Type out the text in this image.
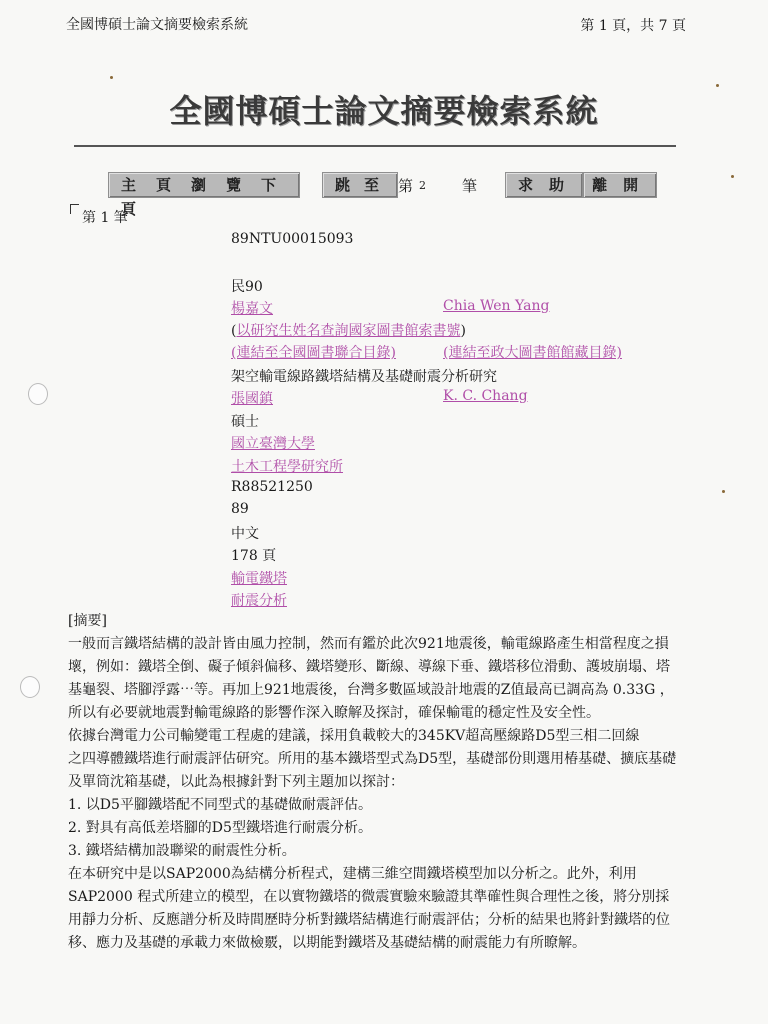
全國博碩士論文摘要檢索系統	第 1 頁，共 7 頁
全國博碩士論文摘要檢索系統
主頁瀏覽下頁
跳至 第 2 筆	求助 離開
第 1 筆
89NTU00015093
民90
楊嘉文	Chia Wen Yang
(以研究生姓名查詢國家圖書館索書號)
(連結至全國圖書聯合目錄)	(連結至政大圖書館館藏目錄)
架空輸電線路鐵塔結構及基礎耐震分析研究
張國鎮	K. C. Chang
碩士
國立臺灣大學
土木工程學研究所
R88521250
89
中文
178 頁
輸電鐵塔
耐震分析

[摘要]

一般而言鐵塔結構的設計皆由風力控制，然而有鑑於此次921地震後，輸電線路產生相當程度之損壞，例如：鐵塔全倒、礙子傾斜偏移、鐵塔變形、斷線、導線下垂、鐵塔移位滑動、護坡崩塌、塔基龜裂、塔腳浮露⋯等。再加上921地震後，台灣多數區域設計地震的Z值最高已調高為 0.33G ，所以有必要就地震對輸電線路的影響作深入瞭解及探討，確保輸電的穩定性及安全性。

依據台灣電力公司輸變電工程處的建議，採用負載較大的345KV超高壓線路D5型三相二回線

之四導體鐵塔進行耐震評估研究。所用的基本鐵塔型式為D5型，基礎部份則選用椿基礎、擴底基礎及單筒沈箱基礎，以此為根據針對下列主題加以探討：

1. 以D5平腳鐵塔配不同型式的基礎做耐震評估。

2. 對具有高低差塔腳的D5型鐵塔進行耐震分析。

3. 鐵塔結構加設聯梁的耐震性分析。

在本研究中是以SAP2000為結構分析程式，建構三維空間鐵塔模型加以分析之。此外，利用 SAP2000 程式所建立的模型，在以實物鐵塔的微震實驗來驗證其準確性與合理性之後，將分別採用靜力分析、反應譜分析及時間歷時分析對鐵塔結構進行耐震評估；分析的結果也將針對鐵塔的位移、應力及基礎的承載力來做檢覈，以期能對鐵塔及基礎結構的耐震能力有所瞭解。
